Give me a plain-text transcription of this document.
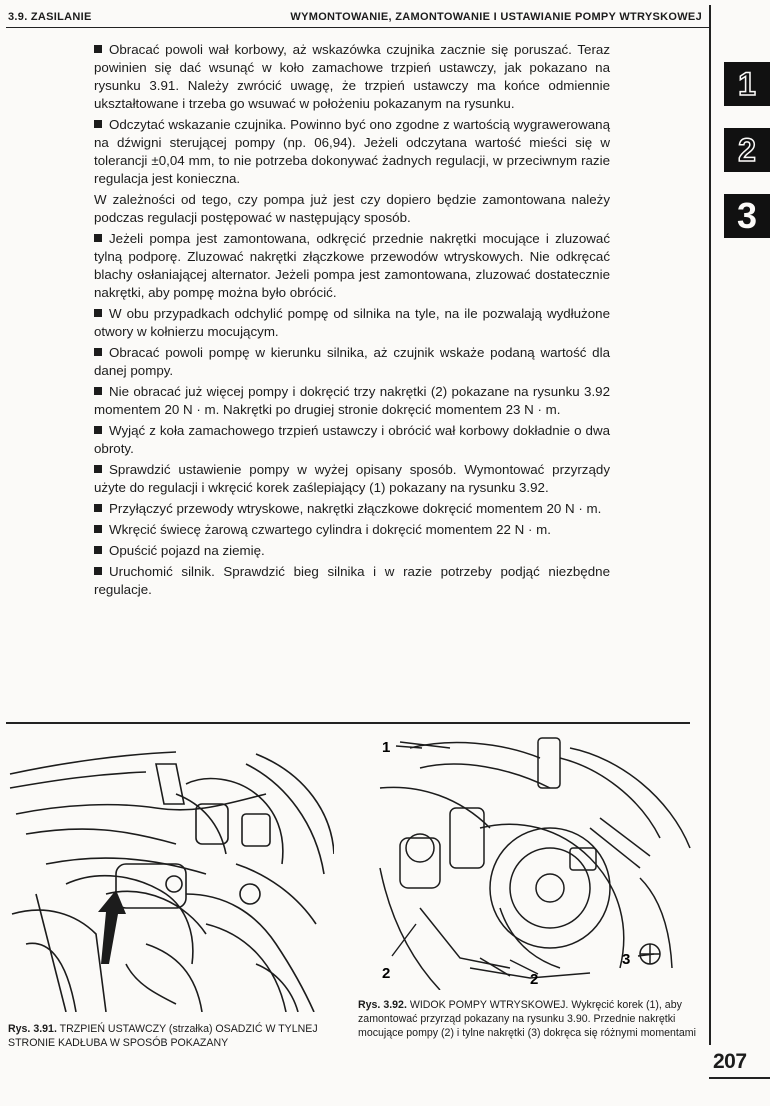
3.9. ZASILANIE	WYMONTOWANIE, ZAMONTOWANIE I USTAWIANIE POMPY WTRYSKOWEJ
1
2
3

Obracać powoli wał korbowy, aż wskazówka czujnika zacznie się poruszać. Teraz powinien się dać wsunąć w koło zamachowe trzpień ustawczy, jak pokazano na rysunku 3.91. Należy zwrócić uwagę, że trzpień ustawczy ma końce odmiennie ukształtowane i trzeba go wsuwać w położeniu pokazanym na rysunku.

Odczytać wskazanie czujnika. Powinno być ono zgodne z wartością wygrawerowaną na dźwigni sterującej pompy (np. 06,94). Jeżeli odczytana wartość mieści się w tolerancji ±0,04 mm, to nie potrzeba dokonywać żadnych regulacji, w przeciwnym razie regulacja jest konieczna.

W zależności od tego, czy pompa już jest czy dopiero będzie zamontowana należy podczas regulacji postępować w następujący sposób.

Jeżeli pompa jest zamontowana, odkręcić przednie nakrętki mocujące i zluzować tylną podporę. Zluzować nakrętki złączkowe przewodów wtryskowych. Nie odkręcać blachy osłaniającej alternator. Jeżeli pompa jest zamontowana, zluzować dostatecznie nakrętki, aby pompę można było obrócić.

W obu przypadkach odchylić pompę od silnika na tyle, na ile pozwalają wydłużone otwory w kołnierzu mocującym.

Obracać powoli pompę w kierunku silnika, aż czujnik wskaże podaną wartość dla danej pompy.

Nie obracać już więcej pompy i dokręcić trzy nakrętki (2) pokazane na rysunku 3.92 momentem 20 N · m. Nakrętki po drugiej stronie dokręcić momentem 23 N · m.

Wyjąć z koła zamachowego trzpień ustawczy i obrócić wał korbowy dokładnie o dwa obroty.

Sprawdzić ustawienie pompy w wyżej opisany sposób. Wymontować przyrządy użyte do regulacji i wkręcić korek zaślepiający (1) pokazany na rysunku 3.92.

Przyłączyć przewody wtryskowe, nakrętki złączkowe dokręcić momentem 20 N · m.

Wkręcić świecę żarową czwartego cylindra i dokręcić momentem 22 N · m.

Opuścić pojazd na ziemię.

Uruchomić silnik. Sprawdzić bieg silnika i w razie potrzeby podjąć niezbędne regulacje.

1
2	2
3
Rys. 3.91. TRZPIEŃ USTAWCZY (strzałka) OSADZIĆ W TYLNEJ STRONIE KADŁUBA W SPOSÓB POKAZANY
Rys. 3.92. WIDOK POMPY WTRYSKOWEJ. Wykręcić korek (1), aby zamontować przyrząd pokazany na rysunku 3.90. Przednie nakrętki mocujące pompy (2) i tylne nakrętki (3) dokręca się różnymi momentami
207
